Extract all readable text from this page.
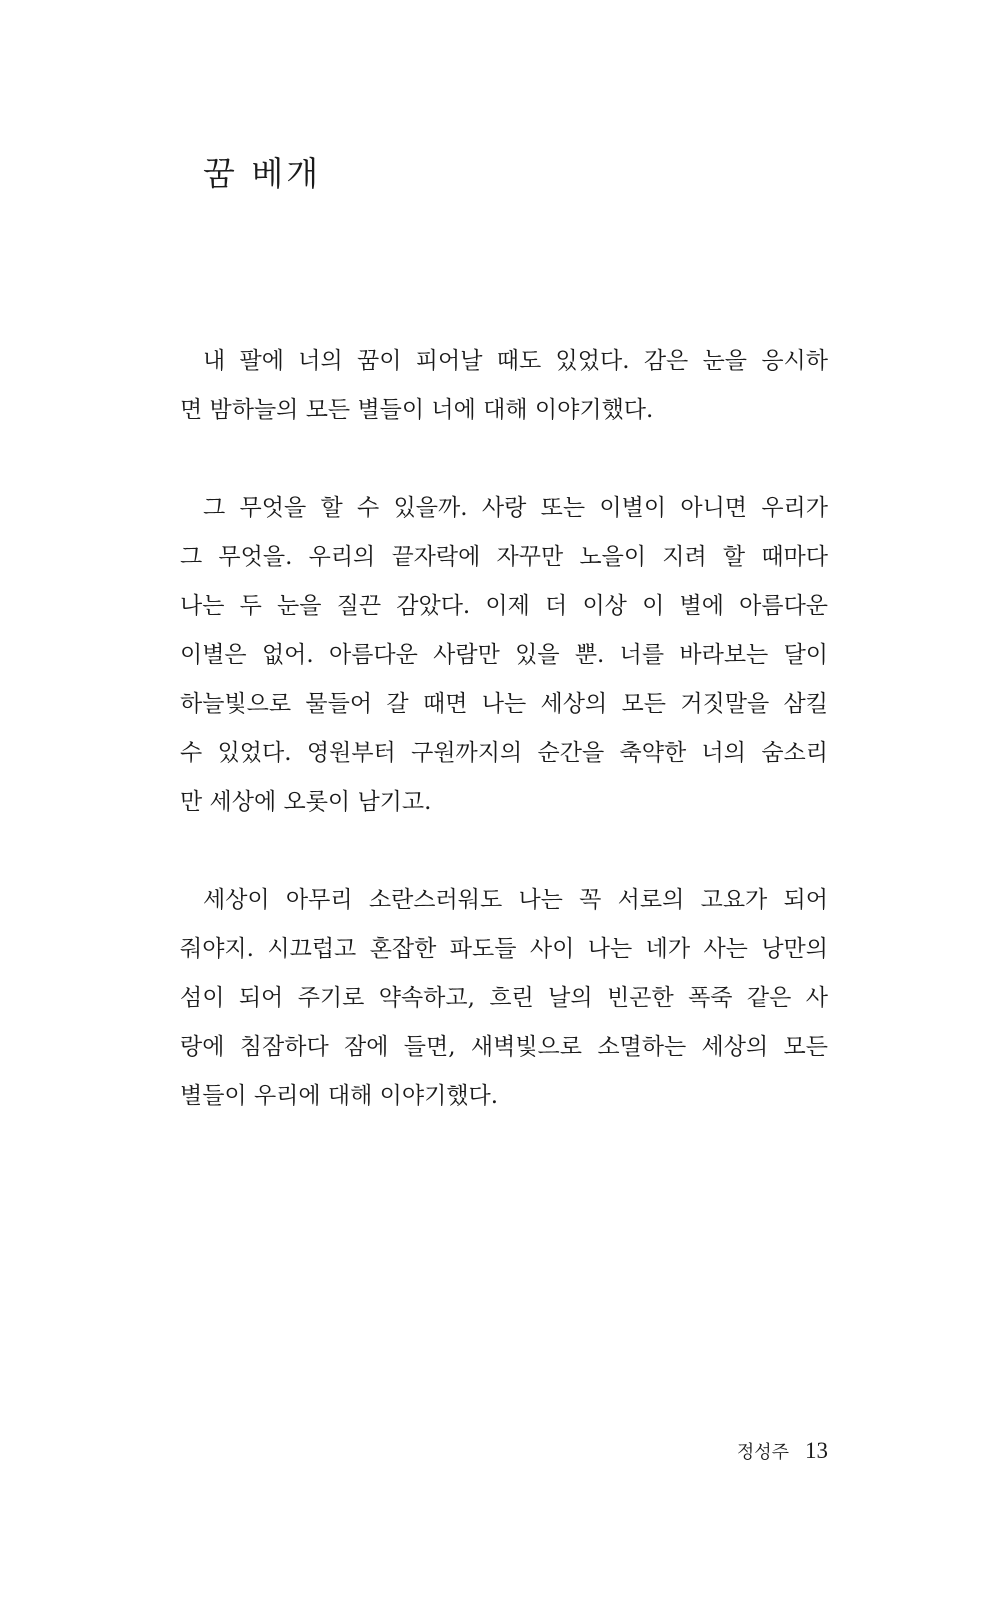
꿈 베개
내 팔에 너의 꿈이 피어날 때도 있었다. 감은 눈을 응시하
면 밤하늘의 모든 별들이 너에 대해 이야기했다.
그 무엇을 할 수 있을까. 사랑 또는 이별이 아니면 우리가
그 무엇을. 우리의 끝자락에 자꾸만 노을이 지려 할 때마다
나는 두 눈을 질끈 감았다. 이제 더 이상 이 별에 아름다운
이별은 없어. 아름다운 사람만 있을 뿐. 너를 바라보는 달이
하늘빛으로 물들어 갈 때면 나는 세상의 모든 거짓말을 삼킬
수 있었다. 영원부터 구원까지의 순간을 축약한 너의 숨소리
만 세상에 오롯이 남기고.
세상이 아무리 소란스러워도 나는 꼭 서로의 고요가 되어
줘야지. 시끄럽고 혼잡한 파도들 사이 나는 네가 사는 낭만의
섬이 되어 주기로 약속하고, 흐린 날의 빈곤한 폭죽 같은 사
랑에 침잠하다 잠에 들면, 새벽빛으로 소멸하는 세상의 모든
별들이 우리에 대해 이야기했다.
정성주 13
